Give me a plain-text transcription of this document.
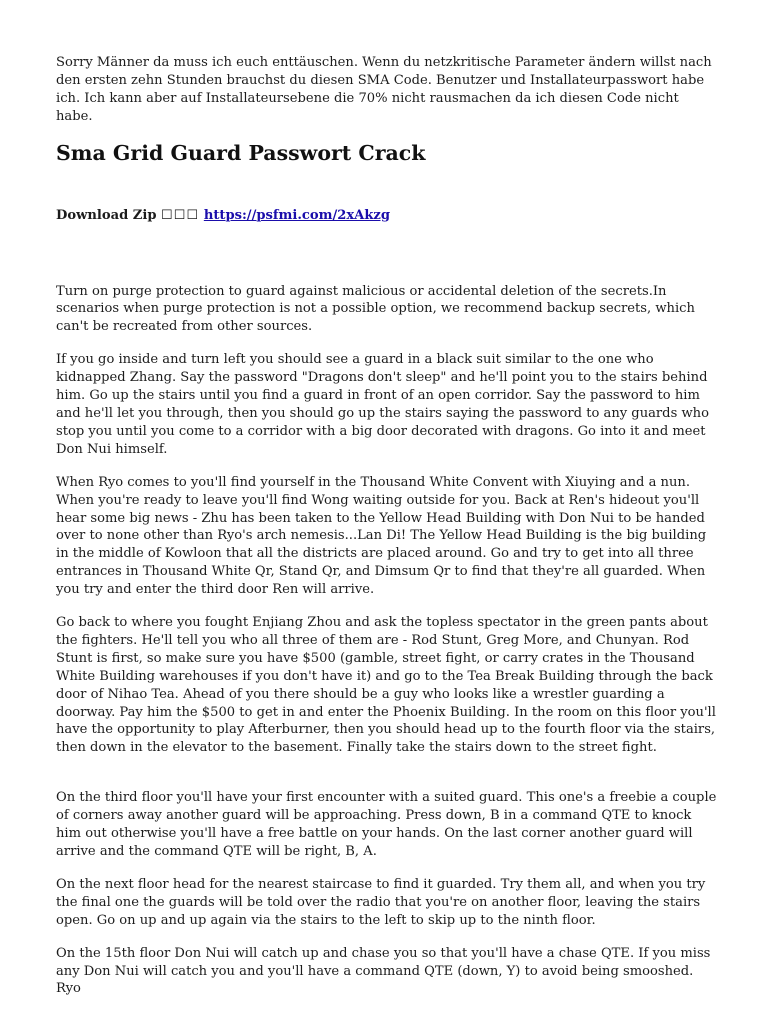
Sorry Männer da muss ich euch enttäuschen. Wenn du netzkritische Parameter ändern willst nach den ersten zehn Stunden brauchst du diesen SMA Code. Benutzer und Installateurpasswort habe ich. Ich kann aber auf Installateursebene die 70% nicht rausmachen da ich diesen Code nicht habe.

Sma Grid Guard Passwort Crack

Download Zip ☐☐☐ https://psfmi.com/2xAkzg

Turn on purge protection to guard against malicious or accidental deletion of the secrets.In scenarios when purge protection is not a possible option, we recommend backup secrets, which can't be recreated from other sources.

If you go inside and turn left you should see a guard in a black suit similar to the one who kidnapped Zhang. Say the password "Dragons don't sleep" and he'll point you to the stairs behind him. Go up the stairs until you find a guard in front of an open corridor. Say the password to him and he'll let you through, then you should go up the stairs saying the password to any guards who stop you until you come to a corridor with a big door decorated with dragons. Go into it and meet Don Nui himself.

When Ryo comes to you'll find yourself in the Thousand White Convent with Xiuying and a nun. When you're ready to leave you'll find Wong waiting outside for you. Back at Ren's hideout you'll hear some big news - Zhu has been taken to the Yellow Head Building with Don Nui to be handed over to none other than Ryo's arch nemesis...Lan Di! The Yellow Head Building is the big building in the middle of Kowloon that all the districts are placed around. Go and try to get into all three entrances in Thousand White Qr, Stand Qr, and Dimsum Qr to find that they're all guarded. When you try and enter the third door Ren will arrive.

Go back to where you fought Enjiang Zhou and ask the topless spectator in the green pants about the fighters. He'll tell you who all three of them are - Rod Stunt, Greg More, and Chunyan. Rod Stunt is first, so make sure you have $500 (gamble, street fight, or carry crates in the Thousand White Building warehouses if you don't have it) and go to the Tea Break Building through the back door of Nihao Tea. Ahead of you there should be a guy who looks like a wrestler guarding a doorway. Pay him the $500 to get in and enter the Phoenix Building. In the room on this floor you'll have the opportunity to play Afterburner, then you should head up to the fourth floor via the stairs, then down in the elevator to the basement. Finally take the stairs down to the street fight.

On the third floor you'll have your first encounter with a suited guard. This one's a freebie a couple of corners away another guard will be approaching. Press down, B in a command QTE to knock him out otherwise you'll have a free battle on your hands. On the last corner another guard will arrive and the command QTE will be right, B, A.

On the next floor head for the nearest staircase to find it guarded. Try them all, and when you try the final one the guards will be told over the radio that you're on another floor, leaving the stairs open. Go on up and up again via the stairs to the left to skip up to the ninth floor.

On the 15th floor Don Nui will catch up and chase you so that you'll have a chase QTE. If you miss any Don Nui will catch you and you'll have a command QTE (down, Y) to avoid being smooshed. Ryo
